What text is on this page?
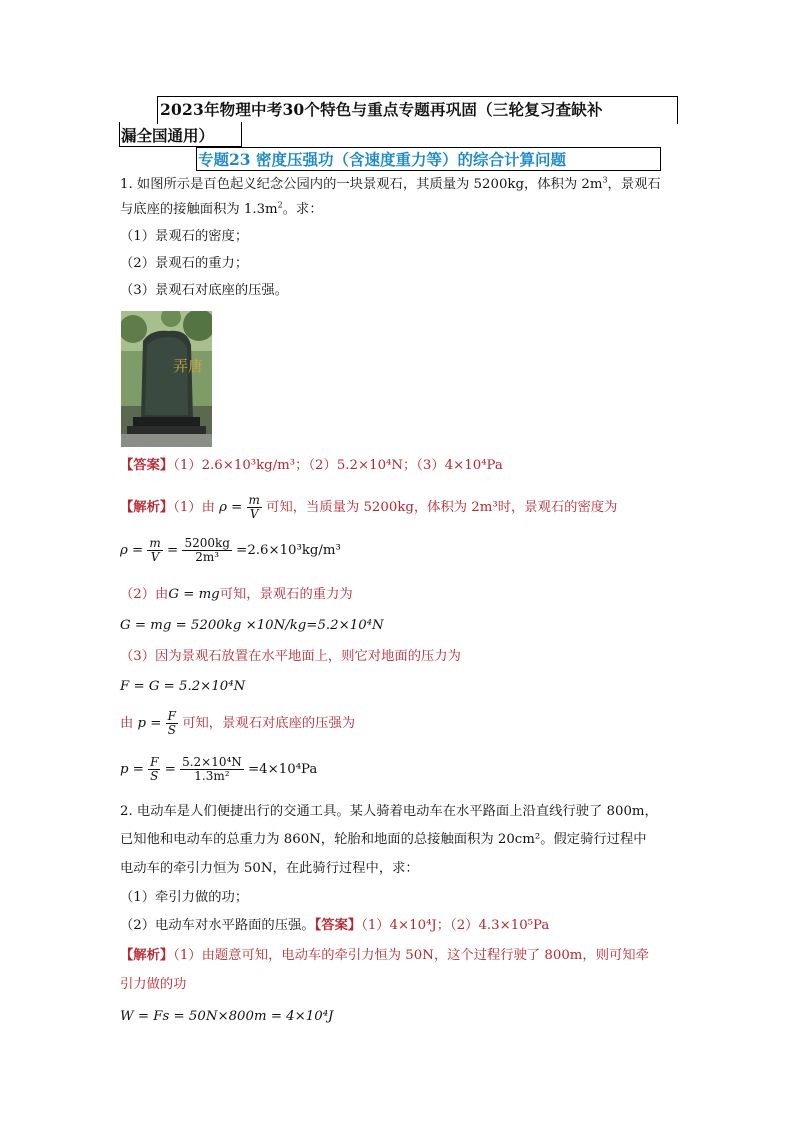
2023年物理中考30个特色与重点专题再巩固（三轮复习查缺补
漏全国通用）
专题23 密度压强功（含速度重力等）的综合计算问题
1. 如图所示是百色起义纪念公园内的一块景观石，其质量为 5200kg，体积为 $2m^3$，景观石
与底座的接触面积为 $1.3m^2$。求：
（1）景观石的密度；
（2）景观石的重力；
（3）景观石对底座的压强。
弄唐
【答案】（1）2.6×10³kg/m³；（2）5.2×10⁴N；（3）4×10⁴Pa
【解析】（1）由 $\rho = \frac{m}{V}$ 可知，当质量为 5200kg，体积为 2m³时，景观石的密度为
$\rho = \frac{m}{V} = \frac{5200kg}{\text{2m³}} =2.6\times 10^3kg/m^3$
（2）由G = mg可知，景观石的重力为
G = mg = 5200kg ×10N/kg=5.2×10⁴N
（3）因为景观石放置在水平地面上，则它对地面的压力为
F = G = 5.2×10⁴N
由 $p = \frac{F}{S}$ 可知，景观石对底座的压强为
$p = \frac{F}{S} = \frac{\text{5.2×10⁴N}}{\text{1.3m²}} =4\times 10^4Pa$
2. 电动车是人们便捷出行的交通工具。某人骑着电动车在水平路面上沿直线行驶了 800m，
已知他和电动车的总重力为 860N，轮胎和地面的总接触面积为 20cm²。假定骑行过程中
电动车的牵引力恒为 50N，在此骑行过程中，求：
（1）牵引力做的功；
（2）电动车对水平路面的压强。【答案】（1）4×10⁴J；（2）4.3×10⁵Pa
【解析】（1）由题意可知，电动车的牵引力恒为 50N，这个过程行驶了 800m，则可知牵
引力做的功
W = Fs = 50N×800m = 4×10⁴J
